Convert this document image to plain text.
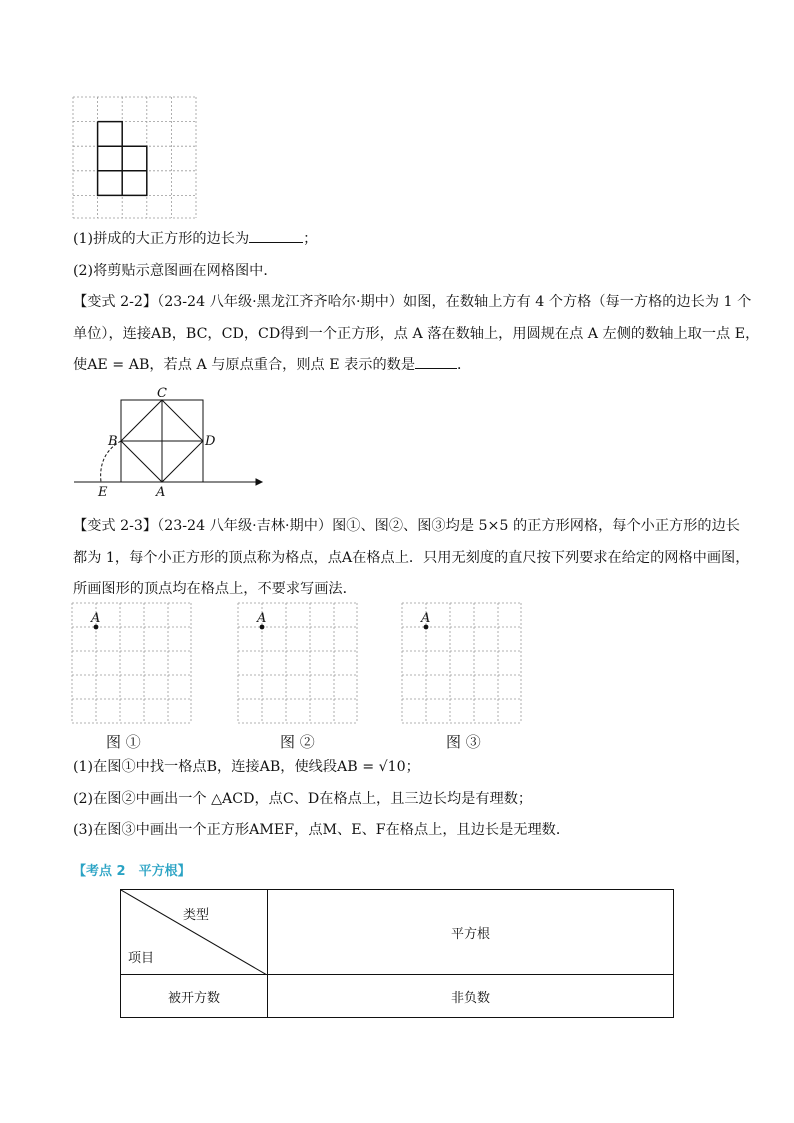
(1)拼成的大正方形的边长为	；
(2)将剪贴示意图画在网格图中．
【变式 2-2】（23-24 八年级·黑龙江齐齐哈尔·期中）如图，在数轴上方有 4 个方格（每一方格的边长为 1 个
单位），连接AB，BC，CD，CD得到一个正方形，点 A 落在数轴上，用圆规在点 A 左侧的数轴上取一点 E，
使AE = AB，若点 A 与原点重合，则点 E 表示的数是	．
C
B	D
A
E
【变式 2-3】（23-24 八年级·吉林·期中）图①、图②、图③均是 5×5 的正方形网格，每个小正方形的边长
都为 1，每个小正方形的顶点称为格点，点A在格点上．只用无刻度的直尺按下列要求在给定的网格中画图，
所画图形的顶点均在格点上，不要求写画法．
A	A	A
图 ①	图 ②	图 ③
(1)在图①中找一格点B，连接AB，使线段AB = √10；
(2)在图②中画出一个 △ACD，点C、D在格点上，且三边长均是有理数；
(3)在图③中画出一个正方形AMEF，点M、E、F在格点上，且边长是无理数．
【考点 2　平方根】
类型
项目	平方根
被开方数	非负数
